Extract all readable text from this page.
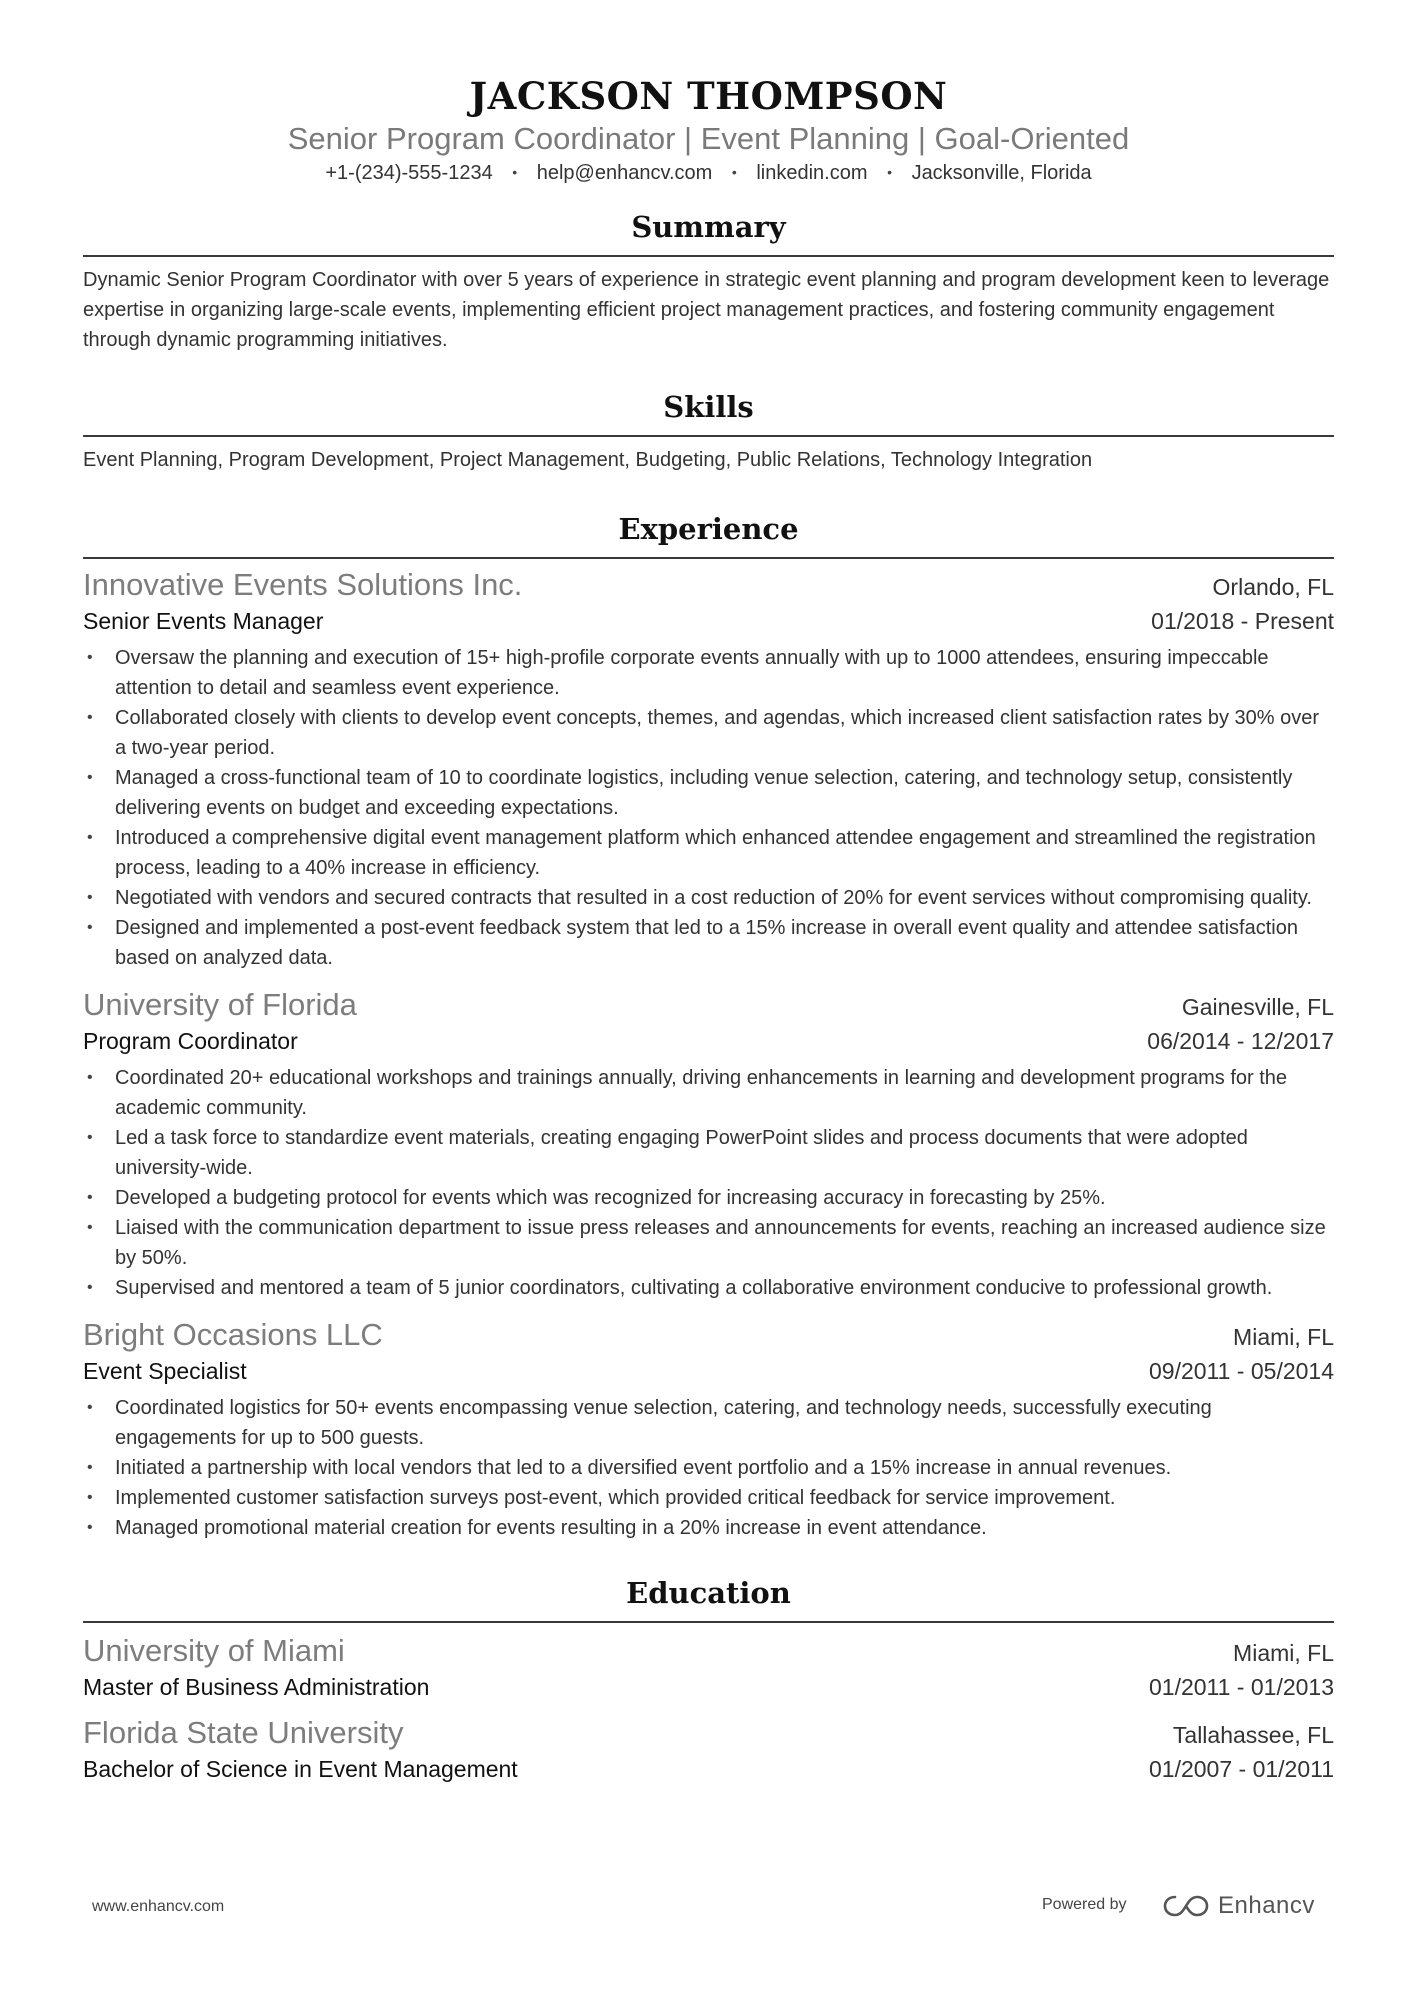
JACKSON THOMPSON
Senior Program Coordinator | Event Planning | Goal-Oriented
+1-(234)-555-1234 • help@enhancv.com • linkedin.com • Jacksonville, Florida
Summary
Dynamic Senior Program Coordinator with over 5 years of experience in strategic event planning and program development keen to leverage expertise in organizing large-scale events, implementing efficient project management practices, and fostering community engagement through dynamic programming initiatives.
Skills
Event Planning, Program Development, Project Management, Budgeting, Public Relations, Technology Integration
Experience
Innovative Events Solutions Inc.	Orlando, FL
Senior Events Manager	01/2018 - Present
• Oversaw the planning and execution of 15+ high-profile corporate events annually with up to 1000 attendees, ensuring impeccable attention to detail and seamless event experience.
• Collaborated closely with clients to develop event concepts, themes, and agendas, which increased client satisfaction rates by 30% over a two-year period.
• Managed a cross-functional team of 10 to coordinate logistics, including venue selection, catering, and technology setup, consistently delivering events on budget and exceeding expectations.
• Introduced a comprehensive digital event management platform which enhanced attendee engagement and streamlined the registration process, leading to a 40% increase in efficiency.
• Negotiated with vendors and secured contracts that resulted in a cost reduction of 20% for event services without compromising quality.
• Designed and implemented a post-event feedback system that led to a 15% increase in overall event quality and attendee satisfaction based on analyzed data.
University of Florida	Gainesville, FL
Program Coordinator	06/2014 - 12/2017
• Coordinated 20+ educational workshops and trainings annually, driving enhancements in learning and development programs for the academic community.
• Led a task force to standardize event materials, creating engaging PowerPoint slides and process documents that were adopted university-wide.
• Developed a budgeting protocol for events which was recognized for increasing accuracy in forecasting by 25%.
• Liaised with the communication department to issue press releases and announcements for events, reaching an increased audience size by 50%.
• Supervised and mentored a team of 5 junior coordinators, cultivating a collaborative environment conducive to professional growth.
Bright Occasions LLC	Miami, FL
Event Specialist	09/2011 - 05/2014
• Coordinated logistics for 50+ events encompassing venue selection, catering, and technology needs, successfully executing engagements for up to 500 guests.
• Initiated a partnership with local vendors that led to a diversified event portfolio and a 15% increase in annual revenues.
• Implemented customer satisfaction surveys post-event, which provided critical feedback for service improvement.
• Managed promotional material creation for events resulting in a 20% increase in event attendance.
Education
University of Miami	Miami, FL
Master of Business Administration	01/2011 - 01/2013
Florida State University	Tallahassee, FL
Bachelor of Science in Event Management	01/2007 - 01/2011
www.enhancv.com	Powered by	Enhancv
